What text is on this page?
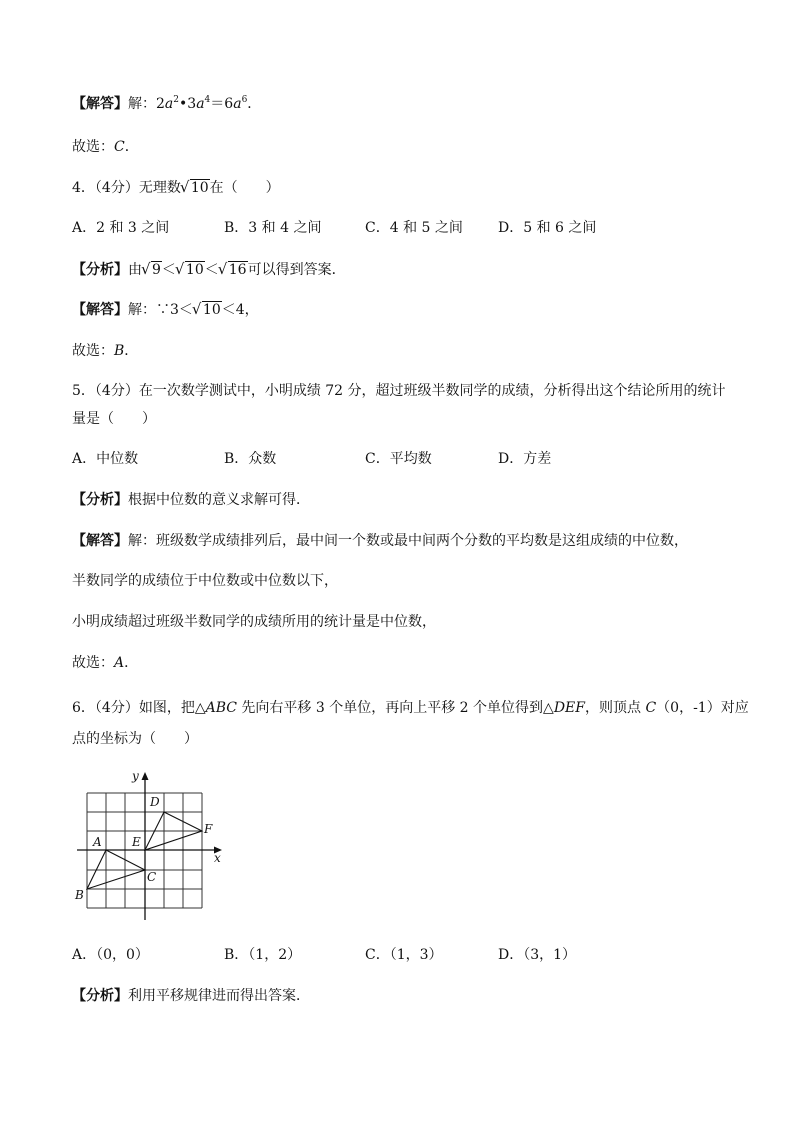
【解答】解：$2a^2•3a^4=6a^6$．
故选：C．
4．（4分）无理数 √ 10在（　　）
A．2 和 3 之间	B．3 和 4 之间	C．4 和 5 之间	D．5 和 6 之间
【分析】由 √ 9＜ √ 10＜ √ 16可以得到答案．
【解答】解：∵3＜ √ 10＜4，
故选：B．
5．（4分）在一次数学测试中，小明成绩 72 分，超过班级半数同学的成绩，分析得出这个结论所用的统计
量是（　　）
A．中位数	B．众数	C．平均数	D．方差
【分析】根据中位数的意义求解可得．
【解答】解：班级数学成绩排列后，最中间一个数或最中间两个分数的平均数是这组成绩的中位数，
半数同学的成绩位于中位数或中位数以下，
小明成绩超过班级半数同学的成绩所用的统计量是中位数，
故选：A．
6．（4分）如图，把△ABC 先向右平移 3 个单位，再向上平移 2 个单位得到△DEF，则顶点 C（0，-1）对应
点的坐标为（　　）
y
x
A
B
C
D
E
F
A．（0，0）	B．（1，2）	C．（1，3）	D．（3，1）
【分析】利用平移规律进而得出答案．
